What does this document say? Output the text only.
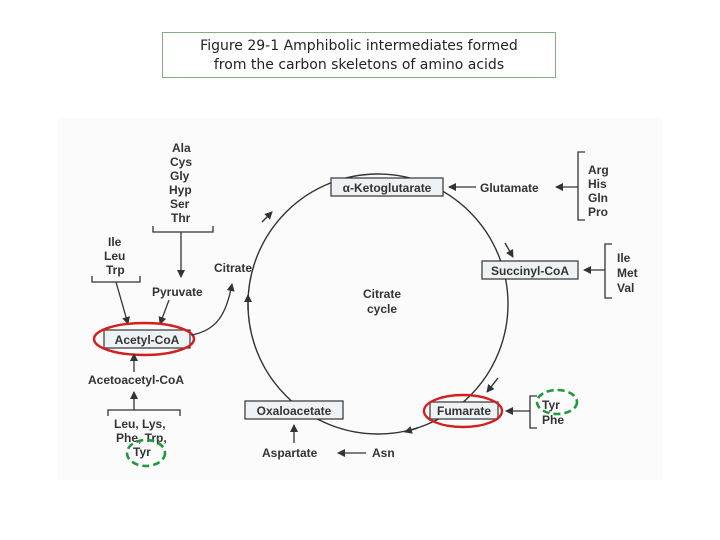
Figure 29-1 Amphibolic intermediates formed
from the carbon skeletons of amino acids
Citrate
cycle
α-Ketoglutarate	Glutamate
Arg
His
Gln
Pro
Succinyl-CoA
Ile
Met
Val
Fumarate	Tyr
Phe
Oxaloacetate
Aspartate	Asn
Citrate
Ala
Cys
Gly
Hyp
Ser
Thr
Pyruvate
Ile
Leu
Trp
Acetyl-CoA
Acetoacetyl-CoA
Leu, Lys,
Phe, Trp,
Tyr
